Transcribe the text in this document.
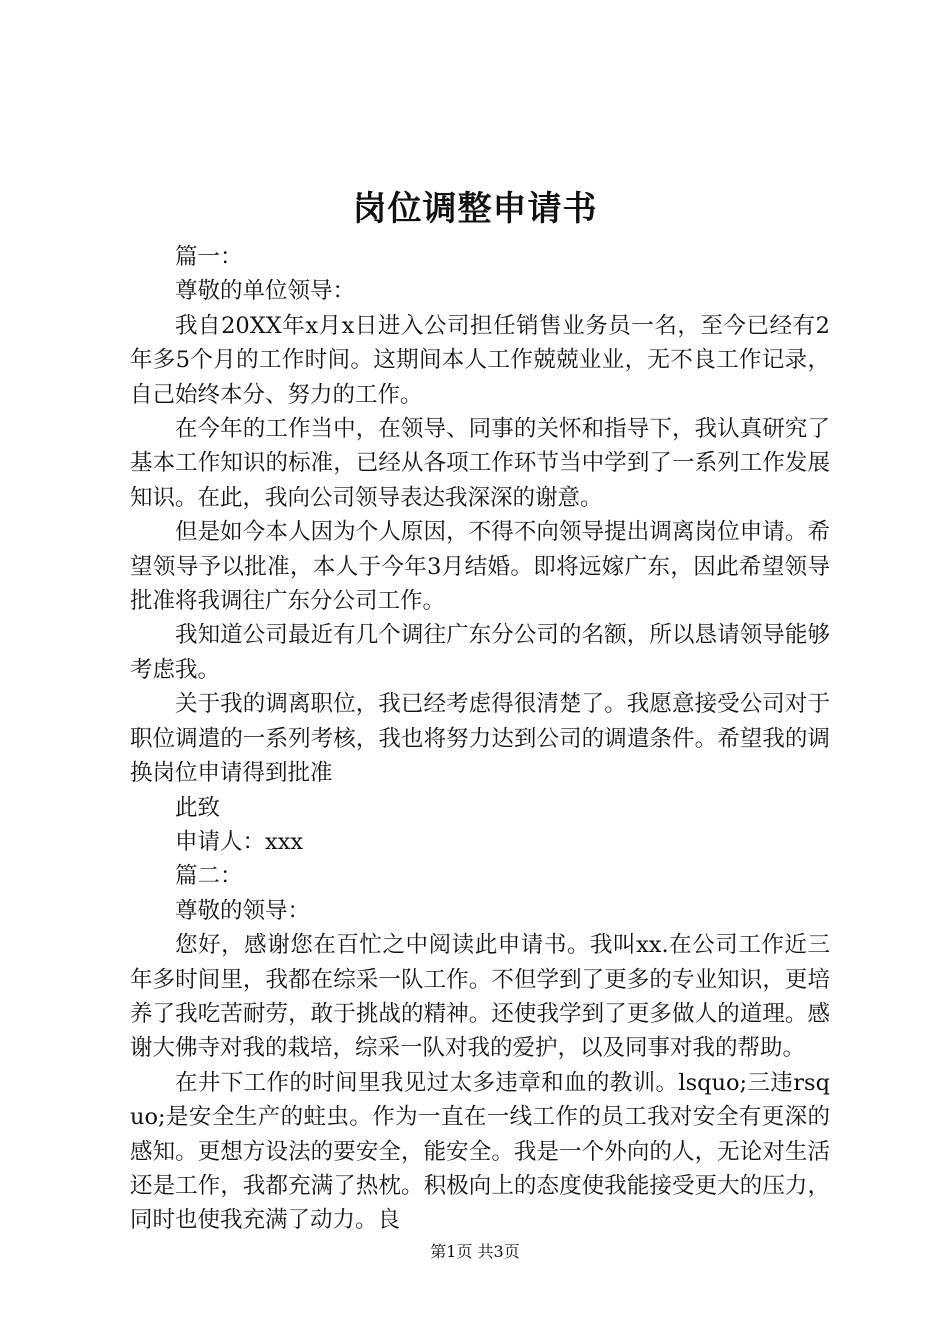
岗位调整申请书

篇一：

尊敬的单位领导：

我自20XX年x月x日进入公司担任销售业务员一名，至今已经有2年多5个月的工作时间。这期间本人工作兢兢业业，无不良工作记录，自己始终本分、努力的工作。

在今年的工作当中，在领导、同事的关怀和指导下，我认真研究了基本工作知识的标准，已经从各项工作环节当中学到了一系列工作发展知识。在此，我向公司领导表达我深深的谢意。

但是如今本人因为个人原因，不得不向领导提出调离岗位申请。希望领导予以批准，本人于今年3月结婚。即将远嫁广东，因此希望领导批准将我调往广东分公司工作。

我知道公司最近有几个调往广东分公司的名额，所以恳请领导能够考虑我。

关于我的调离职位，我已经考虑得很清楚了。我愿意接受公司对于职位调遣的一系列考核，我也将努力达到公司的调遣条件。希望我的调换岗位申请得到批准

此致

申请人：xxx

篇二：

尊敬的领导：

您好，感谢您在百忙之中阅读此申请书。我叫xx.在公司工作近三年多时间里，我都在综采一队工作。不但学到了更多的专业知识，更培养了我吃苦耐劳，敢于挑战的精神。还使我学到了更多做人的道理。感谢大佛寺对我的栽培，综采一队对我的爱护，以及同事对我的帮助。

在井下工作的时间里我见过太多违章和血的教训。lsquo;三违rsquo;是安全生产的蛀虫。作为一直在一线工作的员工我对安全有更深的感知。更想方设法的要安全，能安全。我是一个外向的人，无论对生活还是工作，我都充满了热枕。积极向上的态度使我能接受更大的压力，同时也使我充满了动力。良

第1页 共3页
